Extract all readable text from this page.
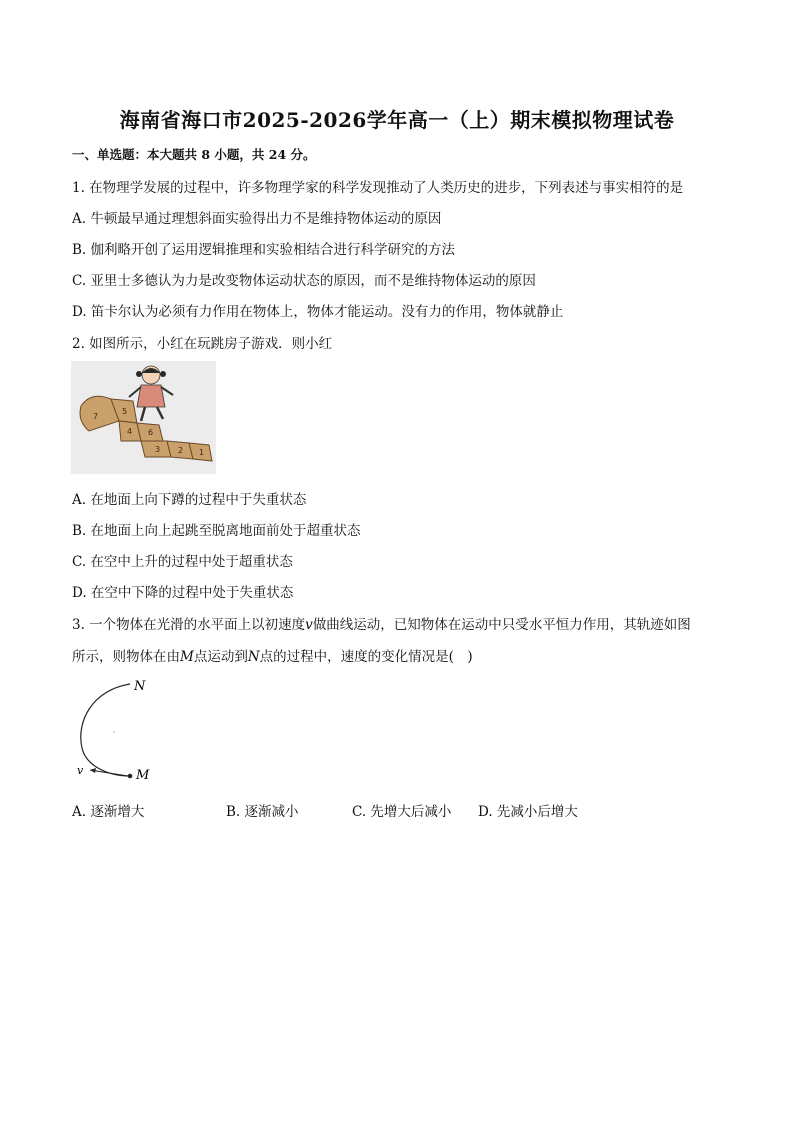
海南省海口市2025-2026学年高一（上）期末模拟物理试卷
一、单选题：本大题共 8 小题，共 24 分。
1. 在物理学发展的过程中，许多物理学家的科学发现推动了人类历史的进步，下列表述与事实相符的是
A. 牛顿最早通过理想斜面实验得出力不是维持物体运动的原因
B. 伽利略开创了运用逻辑推理和实验相结合进行科学研究的方法
C. 亚里士多德认为力是改变物体运动状态的原因，而不是维持物体运动的原因
D. 笛卡尔认为必须有力作用在物体上，物体才能运动。没有力的作用，物体就静止
2. 如图所示，小红在玩跳房子游戏．则小红
7
5
4 6
3 2 1
A. 在地面上向下蹲的过程中于失重状态
B. 在地面上向上起跳至脱离地面前处于超重状态
C. 在空中上升的过程中处于超重状态
D. 在空中下降的过程中处于失重状态
3. 一个物体在光滑的水平面上以初速度v做曲线运动，已知物体在运动中只受水平恒力作用，其轨迹如图
所示，则物体在由M点运动到N点的过程中，速度的变化情况是(　)
N
M
v
A. 逐渐增大	B. 逐渐减小	C. 先增大后减小 D. 先减小后增大
